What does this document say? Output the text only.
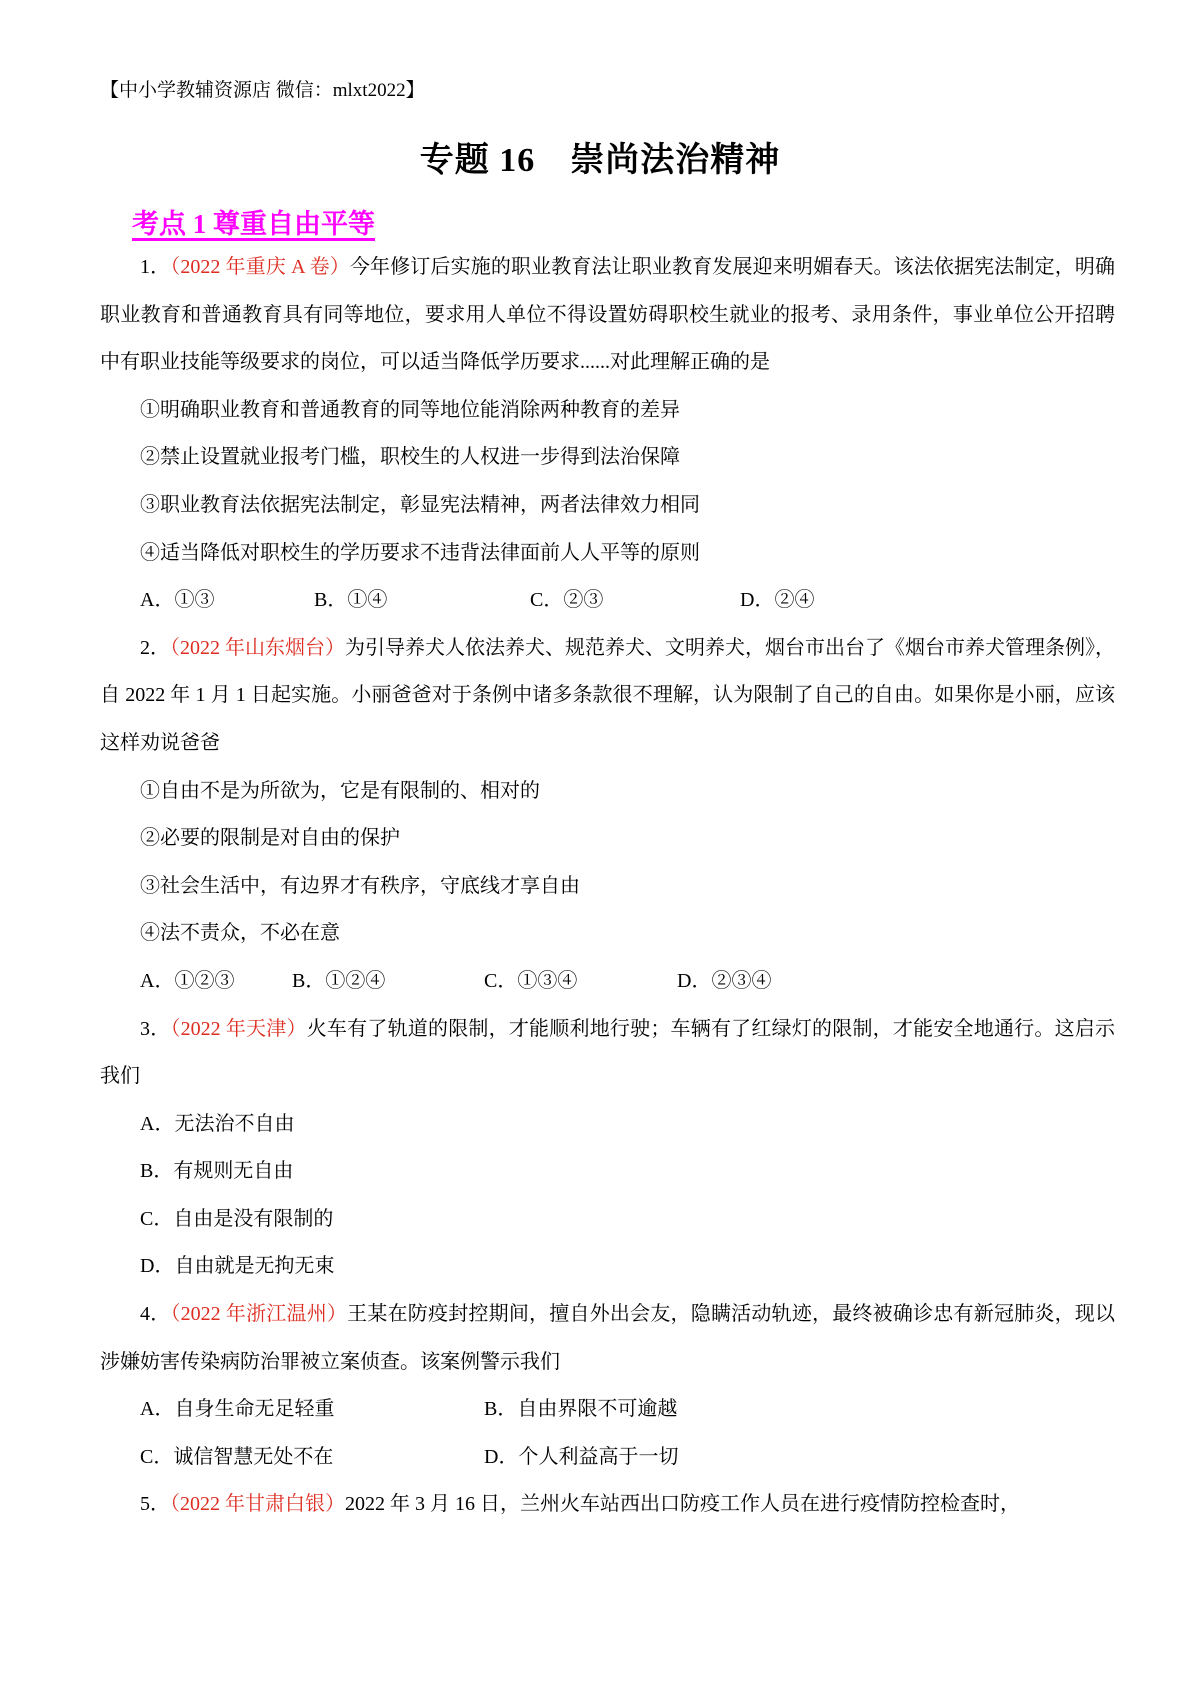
【中小学教辅资源店 微信：mlxt2022】
专题 16　崇尚法治精神
考点 1 尊重自由平等

1．（2022 年重庆 A 卷）今年修订后实施的职业教育法让职业教育发展迎来明媚春天。该法依据宪法制定，明确职业教育和普通教育具有同等地位，要求用人单位不得设置妨碍职校生就业的报考、录用条件，事业单位公开招聘中有职业技能等级要求的岗位，可以适当降低学历要求......对此理解正确的是

①明确职业教育和普通教育的同等地位能消除两种教育的差异

②禁止设置就业报考门槛，职校生的人权进一步得到法治保障

③职业教育法依据宪法制定，彰显宪法精神，两者法律效力相同

④适当降低对职校生的学历要求不违背法律面前人人平等的原则

A．①③	B．①④	C．②③	D．②④

2．（2022 年山东烟台）为引导养犬人依法养犬、规范养犬、文明养犬，烟台市出台了《烟台市养犬管理条例》，自 2022 年 1 月 1 日起实施。小丽爸爸对于条例中诸多条款很不理解，认为限制了自己的自由。如果你是小丽，应该这样劝说爸爸

①自由不是为所欲为，它是有限制的、相对的

②必要的限制是对自由的保护

③社会生活中，有边界才有秩序，守底线才享自由

④法不责众，不必在意

A．①②③	B．①②④	C．①③④	D．②③④

3．（2022 年天津）火车有了轨道的限制，才能顺利地行驶；车辆有了红绿灯的限制，才能安全地通行。这启示我们

A．无法治不自由

B．有规则无自由

C．自由是没有限制的

D．自由就是无拘无束

4．（2022 年浙江温州）王某在防疫封控期间，擅自外出会友，隐瞒活动轨迹，最终被确诊忠有新冠肺炎，现以涉嫌妨害传染病防治罪被立案侦查。该案例警示我们

A．自身生命无足轻重	B．自由界限不可逾越

C．诚信智慧无处不在	D．个人利益高于一切

5．（2022 年甘肃白银）2022 年 3 月 16 日，兰州火车站西出口防疫工作人员在进行疫情防控检查时，
